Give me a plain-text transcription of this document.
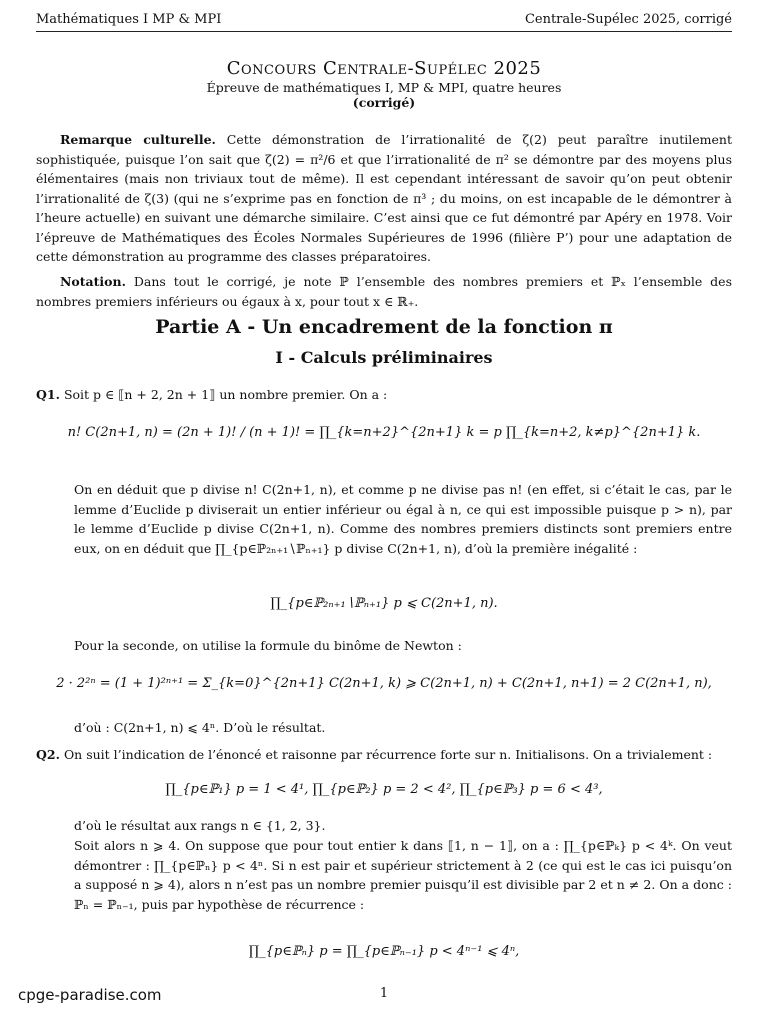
Mathématiques I MP & MPI	Centrale-Supélec 2025, corrigé
Concours Centrale-Supélec 2025
Épreuve de mathématiques I, MP & MPI, quatre heures
(corrigé)
Remarque culturelle. Cette démonstration de l’irrationalité de ζ(2) peut paraître inutilement sophistiquée, puisque l’on sait que ζ(2) = π²/6 et que l’irrationalité de π² se démontre par des moyens plus élémentaires (mais non triviaux tout de même). Il est cependant intéressant de savoir qu’on peut obtenir l’irrationalité de ζ(3) (qui ne s’exprime pas en fonction de π³ ; du moins, on est incapable de le démontrer à l’heure actuelle) en suivant une démarche similaire. C’est ainsi que ce fut démontré par Apéry en 1978. Voir l’épreuve de Mathématiques des Écoles Normales Supérieures de 1996 (filière P’) pour une adaptation de cette démonstration au programme des classes préparatoires.
Notation. Dans tout le corrigé, je note ℙ l’ensemble des nombres premiers et ℙₓ l’ensemble des nombres premiers inférieurs ou égaux à x, pour tout x ∈ ℝ₊.
Partie A - Un encadrement de la fonction π
I - Calculs préliminaires
Q1. Soit p ∈ ⟦n + 2, 2n + 1⟧ un nombre premier. On a :
n! C(2n+1, n) = (2n + 1)! / (n + 1)! = ∏_{k=n+2}^{2n+1} k = p ∏_{k=n+2, k≠p}^{2n+1} k.
On en déduit que p divise n! C(2n+1, n), et comme p ne divise pas n! (en effet, si c’était le cas, par le lemme d’Euclide p diviserait un entier inférieur ou égal à n, ce qui est impossible puisque p > n), par le lemme d’Euclide p divise C(2n+1, n). Comme des nombres premiers distincts sont premiers entre eux, on en déduit que ∏_{p∈ℙ₂ₙ₊₁∖ℙₙ₊₁} p divise C(2n+1, n), d’où la première inégalité :
∏_{p∈ℙ₂ₙ₊₁∖ℙₙ₊₁} p ⩽ C(2n+1, n).
Pour la seconde, on utilise la formule du binôme de Newton :
2 · 2²ⁿ = (1 + 1)²ⁿ⁺¹ = Σ_{k=0}^{2n+1} C(2n+1, k) ⩾ C(2n+1, n) + C(2n+1, n+1) = 2 C(2n+1, n),
d’où : C(2n+1, n) ⩽ 4ⁿ. D’où le résultat.
Q2. On suit l’indication de l’énoncé et raisonne par récurrence forte sur n. Initialisons. On a trivialement :
∏_{p∈ℙ₁} p = 1 < 4¹, ∏_{p∈ℙ₂} p = 2 < 4², ∏_{p∈ℙ₃} p = 6 < 4³,
d’où le résultat aux rangs n ∈ {1, 2, 3}.
Soit alors n ⩾ 4. On suppose que pour tout entier k dans ⟦1, n − 1⟧, on a : ∏_{p∈ℙₖ} p < 4ᵏ. On veut démontrer : ∏_{p∈ℙₙ} p < 4ⁿ. Si n est pair et supérieur strictement à 2 (ce qui est le cas ici puisqu’on a supposé n ⩾ 4), alors n n’est pas un nombre premier puisqu’il est divisible par 2 et n ≠ 2. On a donc : ℙₙ = ℙₙ₋₁, puis par hypothèse de récurrence :
∏_{p∈ℙₙ} p = ∏_{p∈ℙₙ₋₁} p < 4ⁿ⁻¹ ⩽ 4ⁿ,
cpge-paradise.com	1
